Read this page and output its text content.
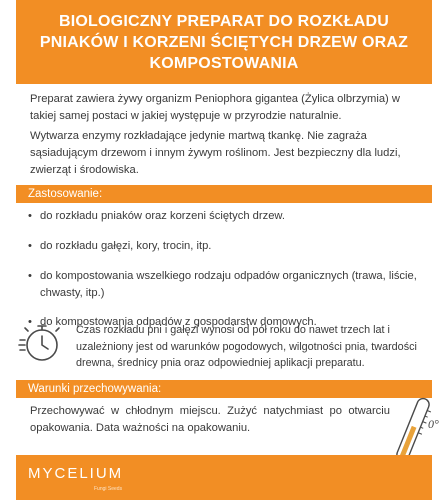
BIOLOGICZNY PREPARAT DO ROZKŁADU PNIAKÓW I KORZENI ŚCIĘTYCH DRZEW ORAZ KOMPOSTOWANIA

Preparat zawiera żywy organizm Peniophora gigantea (Żylica olbrzymia) w takiej samej postaci w jakiej występuje w przyrodzie naturalnie.

Wytwarza enzymy rozkładające jedynie martwą tkankę. Nie zagraża sąsiadującym drzewom i innym żywym roślinom. Jest bezpieczny dla ludzi, zwierząt i środowiska.

Zastosowanie:
• do rozkładu pniaków oraz korzeni ściętych drzew.
• do rozkładu gałęzi, kory, trocin, itp.
• do kompostowania wszelkiego rodzaju odpadów organicznych (trawa, liście, chwasty, itp.)
• do kompostowania odpadów z gospodarstw domowych.

Czas rozkładu pni i gałęzi wynosi od pół roku do nawet trzech lat i uzależniony jest od warunków pogodowych, wilgotności pnia, twardości drewna, średnicy pnia oraz odpowiedniej aplikacji preparatu.

Warunki przechowywania:

Przechowywać w chłodnym miejscu. Zużyć natychmiast po otwarciu opakowania. Data ważności na opakowaniu.	0°
MYCELIUM
Fungi Seeds
